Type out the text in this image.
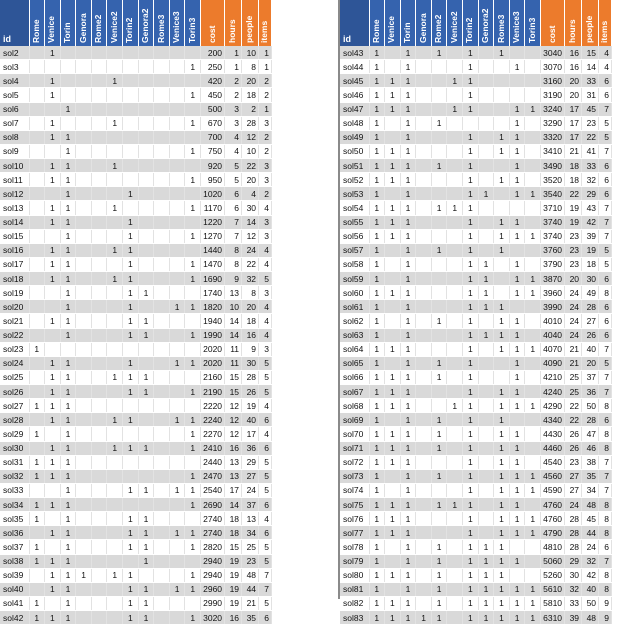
id	Rome	Venice	Torin	Genora	Rome2	Venice2	Torin2	Genora2	Rome3	Venice3	Torin3	cost	hours	people	items

sol2		1										200	1	10	1
sol3											1	250	1	8	1
sol4		1				1						420	2	20	2
sol5		1									1	450	2	18	2
sol6			1									500	3	2	1
sol7		1				1					1	670	3	28	3
sol8		1	1									700	4	12	2
sol9			1								1	750	4	10	2
sol10		1	1			1						920	5	22	3
sol11		1	1								1	950	5	20	3
sol12			1				1					1020	6	4	2
sol13		1	1			1					1	1170	6	30	4
sol14		1	1				1					1220	7	14	3
sol15			1				1				1	1270	7	12	3
sol16		1	1			1	1					1440	8	24	4
sol17		1	1				1				1	1470	8	22	4
sol18		1	1			1	1				1	1690	9	32	5
sol19			1				1	1				1740	13	8	3
sol20			1				1			1	1	1820	10	20	4
sol21		1	1				1	1				1940	14	18	4
sol22			1				1	1			1	1990	14	16	4
sol23	1											2020	11	9	3
sol24		1	1				1			1	1	2020	11	30	5
sol25		1	1			1	1	1				2160	15	28	5
sol26		1	1				1	1			1	2190	15	26	5
sol27	1	1	1									2220	12	19	4
sol28		1	1			1	1			1	1	2240	12	40	6
sol29	1		1								1	2270	12	17	4
sol30		1	1			1	1	1			1	2410	16	36	6
sol31	1	1	1									2440	13	29	5
sol32	1	1	1								1	2470	13	27	5
sol33			1				1	1		1	1	2540	17	24	5
sol34	1	1	1								1	2690	14	37	6
sol35	1		1				1	1				2740	18	13	4
sol36		1	1				1	1		1	1	2740	18	34	6
sol37	1		1				1	1			1	2820	15	25	5
sol38	1	1	1					1				2940	19	23	5
sol39		1	1	1		1	1				1	2940	19	48	7
sol40		1	1				1	1		1	1	2960	19	44	7
sol41	1		1				1	1				2990	19	21	5
sol42	1	1	1				1	1			1	3020	16	35	6
id	Rome	Venice	Torin	Genora	Rome2	Venice2	Torin2	Genora2	Rome3	Venice3	Torin3	cost	hours	people	items

sol43	1		1		1		1		1			3040	16	15	4
sol44	1		1				1			1		3070	16	14	4
sol45	1	1	1			1	1					3160	20	33	6
sol46	1	1	1				1					3190	20	31	6
sol47	1	1	1			1	1			1	1	3240	17	45	7
sol48	1		1		1					1		3290	17	23	5
sol49	1		1				1		1	1		3320	17	22	5
sol50	1	1	1				1		1	1		3410	21	41	7
sol51	1	1	1		1		1			1		3490	18	33	6
sol52	1	1	1				1		1	1		3520	18	32	6
sol53	1		1				1	1		1	1	3540	22	29	6
sol54	1	1	1		1	1	1					3710	19	43	7
sol55	1	1	1				1		1	1		3740	19	42	7
sol56	1	1	1				1		1	1	1	3740	23	39	7
sol57	1		1		1		1		1			3760	23	19	5
sol58	1		1				1	1		1		3790	23	18	5
sol59	1		1				1	1		1	1	3870	20	30	6
sol60	1	1	1				1	1		1	1	3960	24	49	8
sol61	1		1				1	1	1			3990	24	28	6
sol62	1		1		1		1		1	1		4010	24	27	6
sol63	1		1				1	1	1	1		4040	24	26	6
sol64	1	1	1				1		1	1	1	4070	21	40	7
sol65	1		1		1		1			1		4090	21	20	5
sol66	1	1	1		1		1			1		4210	25	37	7
sol67	1	1	1				1		1	1		4240	25	36	7
sol68	1	1	1			1	1		1	1	1	4290	22	50	8
sol69	1		1		1		1		1			4340	22	28	6
sol70	1	1	1		1		1		1	1		4430	26	47	8
sol71	1	1	1		1		1		1	1		4460	26	46	8
sol72	1	1	1				1		1	1		4540	23	38	7
sol73	1		1		1		1		1	1	1	4560	27	35	7
sol74	1		1				1		1	1	1	4590	27	34	7
sol75	1	1	1		1	1	1		1	1		4760	24	48	8
sol76	1	1	1				1		1	1	1	4760	28	45	8
sol77	1	1	1				1		1	1	1	4790	28	44	8
sol78	1		1		1		1	1	1			4810	28	24	6
sol79	1		1		1		1	1	1	1		5060	29	32	7
sol80	1	1	1		1		1	1	1			5260	30	42	8
sol81	1		1		1		1	1	1	1	1	5610	32	40	8
sol82	1	1	1		1		1	1	1	1	1	5810	33	50	9
sol83	1	1	1	1	1		1	1	1	1	1	6310	39	48	9
